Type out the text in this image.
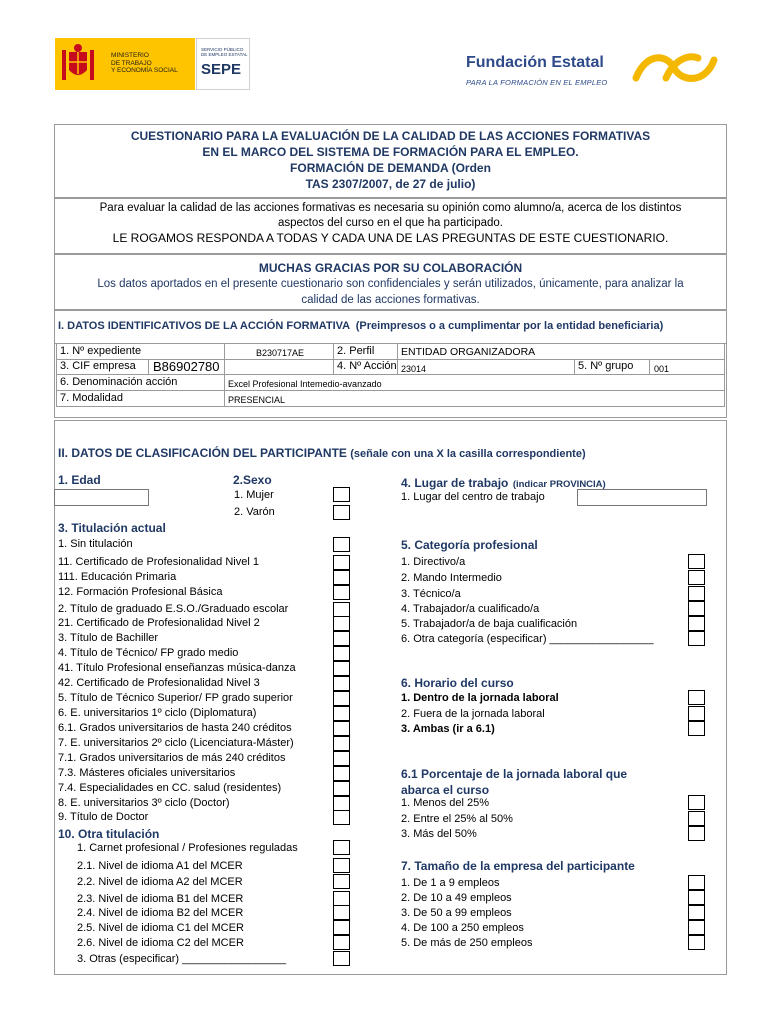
MINISTERIO
DE TRABAJO
Y ECONOMÍA SOCIAL
SERVICIO PÚBLICO
DE EMPLEO ESTATAL
SEPE	Fundación Estatal
PARA LA FORMACIÓN EN EL EMPLEO
CUESTIONARIO PARA LA EVALUACIÓN DE LA CALIDAD DE LAS ACCIONES FORMATIVAS
EN EL MARCO DEL SISTEMA DE FORMACIÓN PARA EL EMPLEO.
FORMACIÓN DE DEMANDA (Orden
TAS 2307/2007, de 27 de julio)
Para evaluar la calidad de las acciones formativas es necesaria su opinión como alumno/a, acerca de los distintos
aspectos del curso en el que ha participado.
LE ROGAMOS RESPONDA A TODAS Y CADA UNA DE LAS PREGUNTAS DE ESTE CUESTIONARIO.
MUCHAS GRACIAS POR SU COLABORACIÓN
Los datos aportados en el presente cuestionario son confidenciales y serán utilizados, únicamente, para analizar la
calidad de las acciones formativas.
I. DATOS IDENTIFICATIVOS DE LA ACCIÓN FORMATIVA (Preimpresos o a cumplimentar por la entidad beneficiaria)
1. Nº expediente	B230717AE	2. Perfil	ENTIDAD ORGANIZADORA
3. CIF empresa B86902780	4. Nº Acción 23014	5. Nº grupo 001
6. Denominación acción	Excel Profesional Intemedio-avanzado
7. Modalidad	PRESENCIAL
II. DATOS DE CLASIFICACIÓN DEL PARTICIPANTE (señale con una X la casilla correspondiente)
1. Edad	2.Sexo
1. Mujer
2. Varón
3. Titulación actual
1. Sin titulación
11. Certificado de Profesionalidad Nivel 1
111. Educación Primaria
12. Formación Profesional Básica
2. Título de graduado E.S.O./Graduado escolar
21. Certificado de Profesionalidad Nivel 2
3. Título de Bachiller
4. Título de Técnico/ FP grado medio
41. Título Profesional enseñanzas música-danza
42. Certificado de Profesionalidad Nivel 3
5. Título de Técnico Superior/ FP grado superior
6. E. universitarios 1º ciclo (Diplomatura)
6.1. Grados universitarios de hasta 240 créditos
7. E. universitarios 2º ciclo (Licenciatura-Máster)
7.1. Grados universitarios de más 240 créditos
7.3. Másteres oficiales universitarios
7.4. Especialidades en CC. salud (residentes)
8. E. universitarios 3º ciclo (Doctor)
9. Título de Doctor
10. Otra titulación
1. Carnet profesional / Profesiones reguladas
2.1. Nivel de idioma A1 del MCER
2.2. Nivel de idioma A2 del MCER
2.3. Nivel de idioma B1 del MCER
2.4. Nivel de idioma B2 del MCER
2.5. Nivel de idioma C1 del MCER
2.6. Nivel de idioma C2 del MCER
3. Otras (especificar) _________________
4. Lugar de trabajo (indicar PROVINCIA)
1. Lugar del centro de trabajo
5. Categoría profesional
1. Directivo/a
2. Mando Intermedio
3. Técnico/a
4. Trabajador/a cualificado/a
5. Trabajador/a de baja cualificación
6. Otra categoría (especificar) _________________
6. Horario del curso
1. Dentro de la jornada laboral
2. Fuera de la jornada laboral
3. Ambas (ir a 6.1)
6.1 Porcentaje de la jornada laboral que
abarca el curso
1. Menos del 25%
2. Entre el 25% al 50%
3. Más del 50%
7. Tamaño de la empresa del participante
1. De 1 a 9 empleos
2. De 10 a 49 empleos
3. De 50 a 99 empleos
4. De 100 a 250 empleos
5. De más de 250 empleos
